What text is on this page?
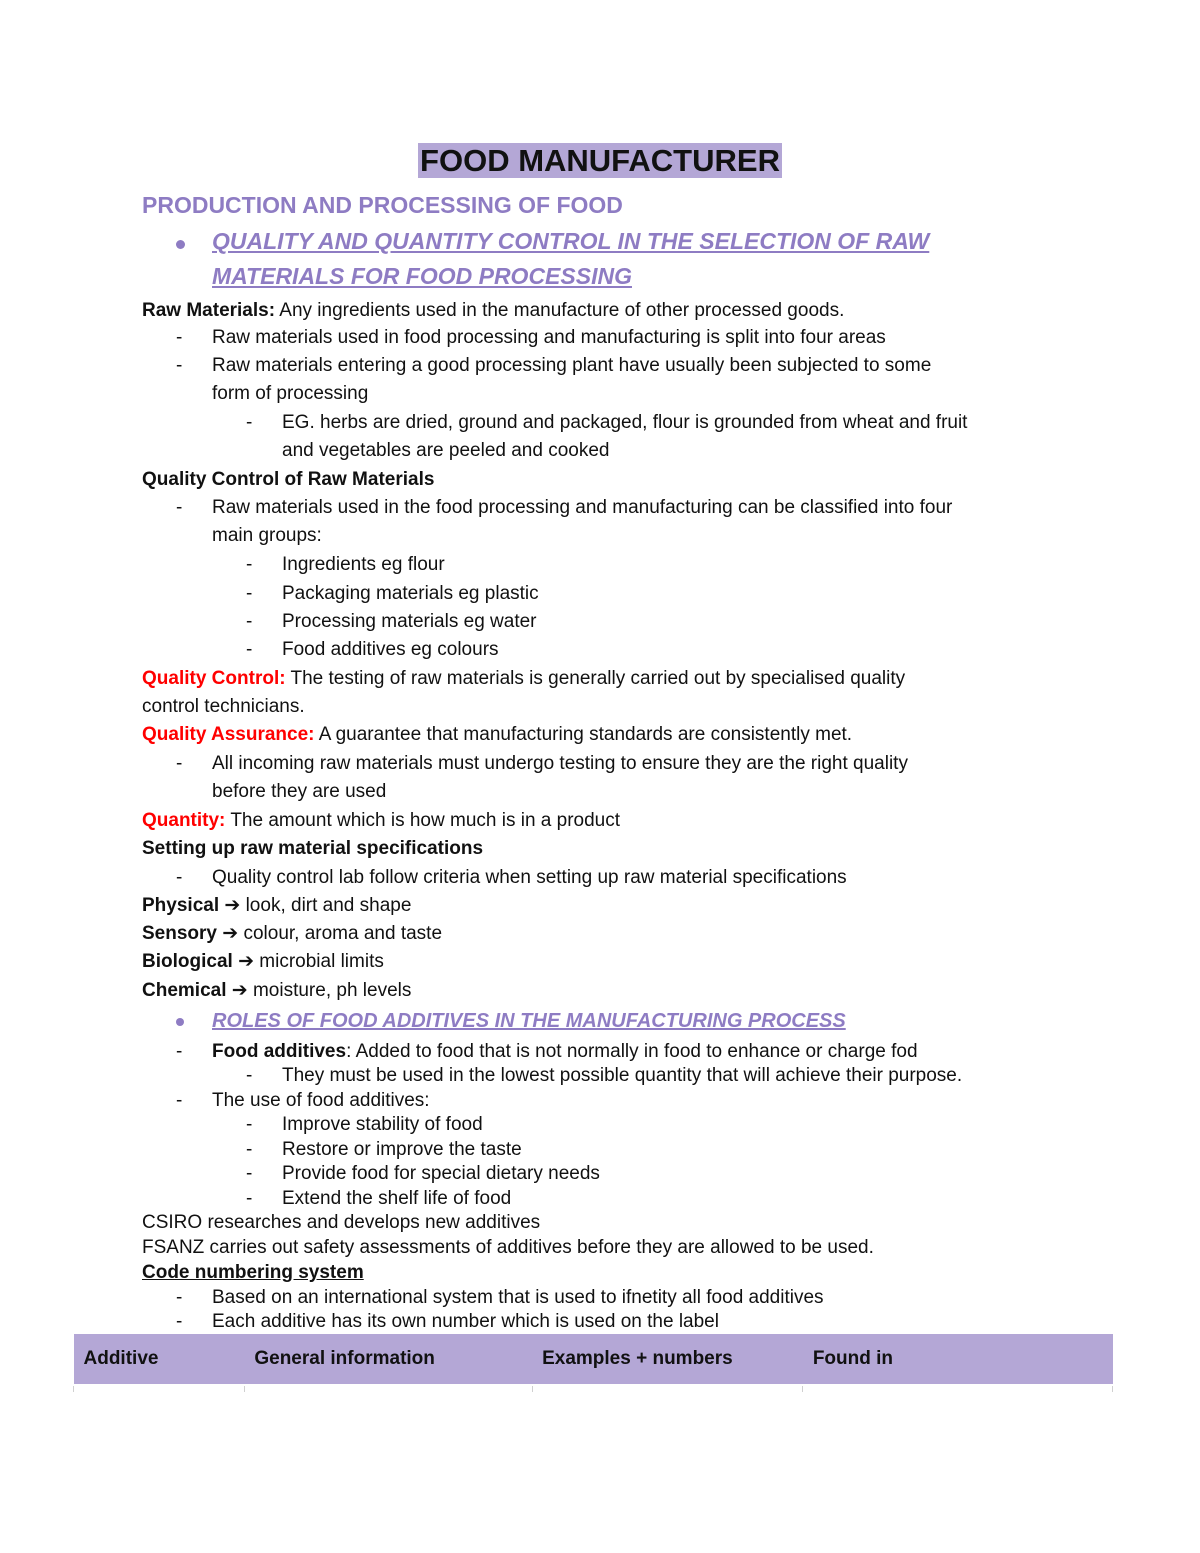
FOOD MANUFACTURER
PRODUCTION AND PROCESSING OF FOOD
QUALITY AND QUANTITY CONTROL IN THE SELECTION OF RAW
MATERIALS FOR FOOD PROCESSING
Raw Materials: Any ingredients used in the manufacture of other processed goods.
- Raw materials used in food processing and manufacturing is split into four areas
- Raw materials entering a good processing plant have usually been subjected to some
form of processing
- EG. herbs are dried, ground and packaged, flour is grounded from wheat and fruit
and vegetables are peeled and cooked
Quality Control of Raw Materials
- Raw materials used in the food processing and manufacturing can be classified into four
main groups:
- Ingredients eg flour
- Packaging materials eg plastic
- Processing materials eg water
- Food additives eg colours
Quality Control: The testing of raw materials is generally carried out by specialised quality
control technicians.
Quality Assurance: A guarantee that manufacturing standards are consistently met.
- All incoming raw materials must undergo testing to ensure they are the right quality
before they are used
Quantity: The amount which is how much is in a product
Setting up raw material specifications
- Quality control lab follow criteria when setting up raw material specifications
Physical ➔ look, dirt and shape
Sensory ➔ colour, aroma and taste
Biological ➔ microbial limits
Chemical ➔ moisture, ph levels
ROLES OF FOOD ADDITIVES IN THE MANUFACTURING PROCESS
- Food additives: Added to food that is not normally in food to enhance or charge fod
- They must be used in the lowest possible quantity that will achieve their purpose.
- The use of food additives:
- Improve stability of food
- Restore or improve the taste
- Provide food for special dietary needs
- Extend the shelf life of food
CSIRO researches and develops new additives
FSANZ carries out safety assessments of additives before they are allowed to be used.
Code numbering system
- Based on an international system that is used to ifnetity all food additives
- Each additive has its own number which is used on the label
Additive	General information	Examples + numbers	Found in
